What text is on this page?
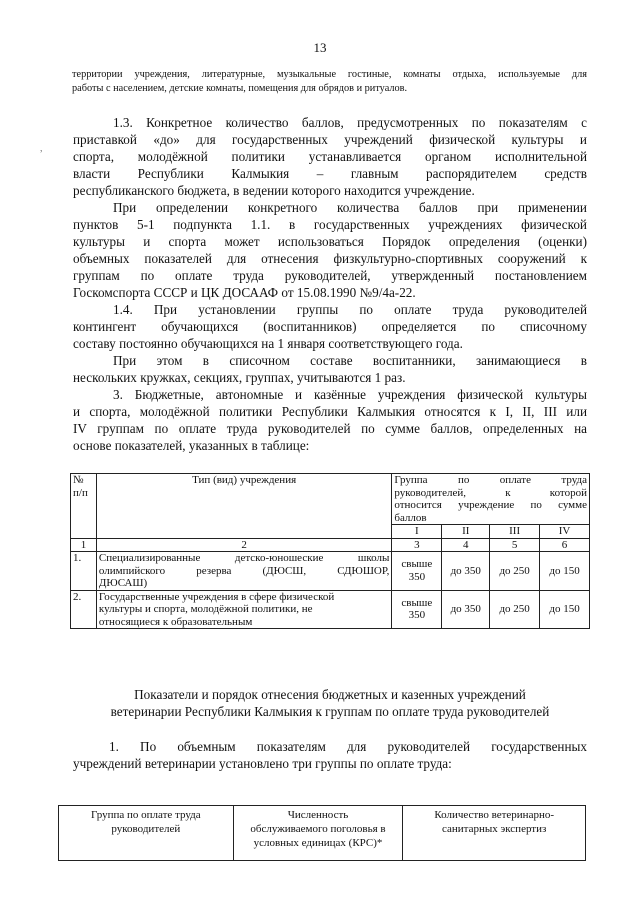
13
территории учреждения, литературные, музыкальные гостиные, комнаты отдыха, используемые для
работы с населением, детские комнаты, помещения для обрядов и ритуалов.
,
1.3. Конкретное количество баллов, предусмотренных по показателям с
приставкой «до» для государственных учреждений физической культуры и
спорта, молодёжной политики устанавливается органом исполнительной
власти Республики Калмыкия – главным распорядителем средств
республиканского бюджета, в ведении которого находится учреждение.
При определении конкретного количества баллов при применении
пунктов 5-1 подпункта 1.1. в государственных учреждениях физической
культуры и спорта может использоваться Порядок определения (оценки)
объемных показателей для отнесения физкультурно-спортивных сооружений к
группам по оплате труда руководителей, утвержденный постановлением
Госкомспорта СССР и ЦК ДОСААФ от 15.08.1990 №9/4а-22.
1.4. При установлении группы по оплате труда руководителей
контингент обучающихся (воспитанников) определяется по списочному
составу постоянно обучающихся на 1 января соответствующего года.
При этом в списочном составе воспитанники, занимающиеся в
нескольких кружках, секциях, группах, учитываются 1 раз.
3. Бюджетные, автономные и казённые учреждения физической культуры
и спорта, молодёжной политики Республики Калмыкия относятся к I, II, III или
IV группам по оплате труда руководителей по сумме баллов, определенных на
основе показателей, указанных в таблице:
№ п/п	Тип (вид) учреждения	Группа по оплате труда
руководителей, к которой
относится учреждение по сумме
баллов			

		I	II	III	IV
1	2	3	4	5	6
1.	Специализированные детско-юношеские школы
олимпийского резерва (ДЮСШ, СДЮШОР,
ДЮСАШ)	свыше 350	до 350	до 250	до 150
2.	Государственные учреждения в сфере физической
культуры и спорта, молодёжной политики, не
относящиеся к образовательным	свыше 350	до 350	до 250	до 150
Показатели и порядок отнесения бюджетных и казенных учреждений
ветеринарии Республики Калмыкия к группам по оплате труда руководителей
1. По объемным показателям для руководителей государственных
учреждений ветеринарии установлено три группы по оплате труда:
Группа по оплате труда
руководителей

Численность
обслуживаемого поголовья в
условных единицах (КРС)*

Количество ветеринарно-
санитарных экспертиз
